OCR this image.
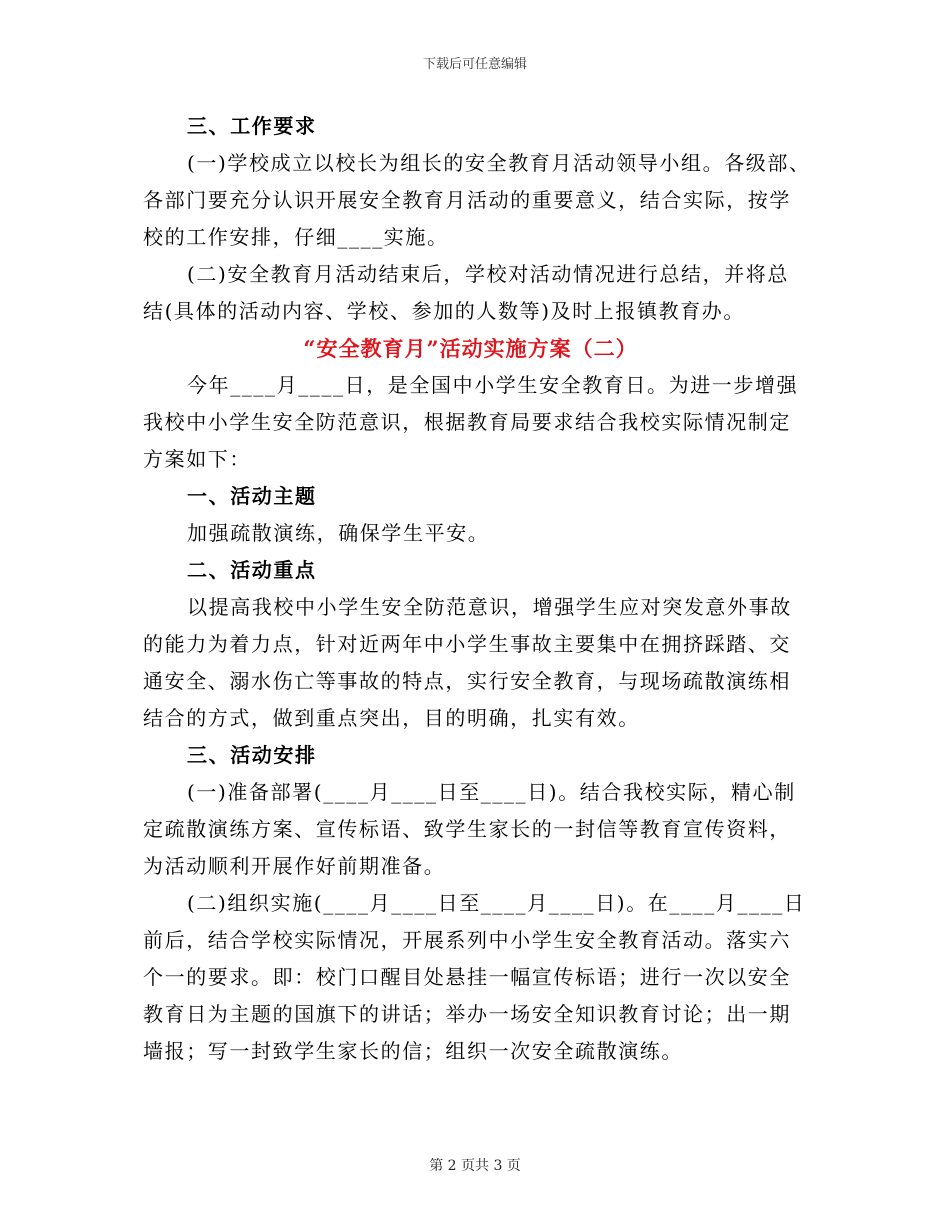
下载后可任意编辑
三、工作要求
(一)学校成立以校长为组长的安全教育月活动领导小组。各级部、
各部门要充分认识开展安全教育月活动的重要意义，结合实际，按学
校的工作安排，仔细____实施。
(二)安全教育月活动结束后，学校对活动情况进行总结，并将总
结(具体的活动内容、学校、参加的人数等)及时上报镇教育办。
“安全教育月”活动实施方案（二）
今年____月____日，是全国中小学生安全教育日。为进一步增强
我校中小学生安全防范意识，根据教育局要求结合我校实际情况制定
方案如下：
一、活动主题
加强疏散演练，确保学生平安。
二、活动重点
以提高我校中小学生安全防范意识，增强学生应对突发意外事故
的能力为着力点，针对近两年中小学生事故主要集中在拥挤踩踏、交
通安全、溺水伤亡等事故的特点，实行安全教育，与现场疏散演练相
结合的方式，做到重点突出，目的明确，扎实有效。
三、活动安排
(一)准备部署(____月____日至____日)。结合我校实际，精心制
定疏散演练方案、宣传标语、致学生家长的一封信等教育宣传资料，
为活动顺利开展作好前期准备。
(二)组织实施(____月____日至____月____日)。在____月____日
前后，结合学校实际情况，开展系列中小学生安全教育活动。落实六
个一的要求。即：校门口醒目处悬挂一幅宣传标语；进行一次以安全
教育日为主题的国旗下的讲话；举办一场安全知识教育讨论；出一期
墙报；写一封致学生家长的信；组织一次安全疏散演练。
第 2 页共 3 页
